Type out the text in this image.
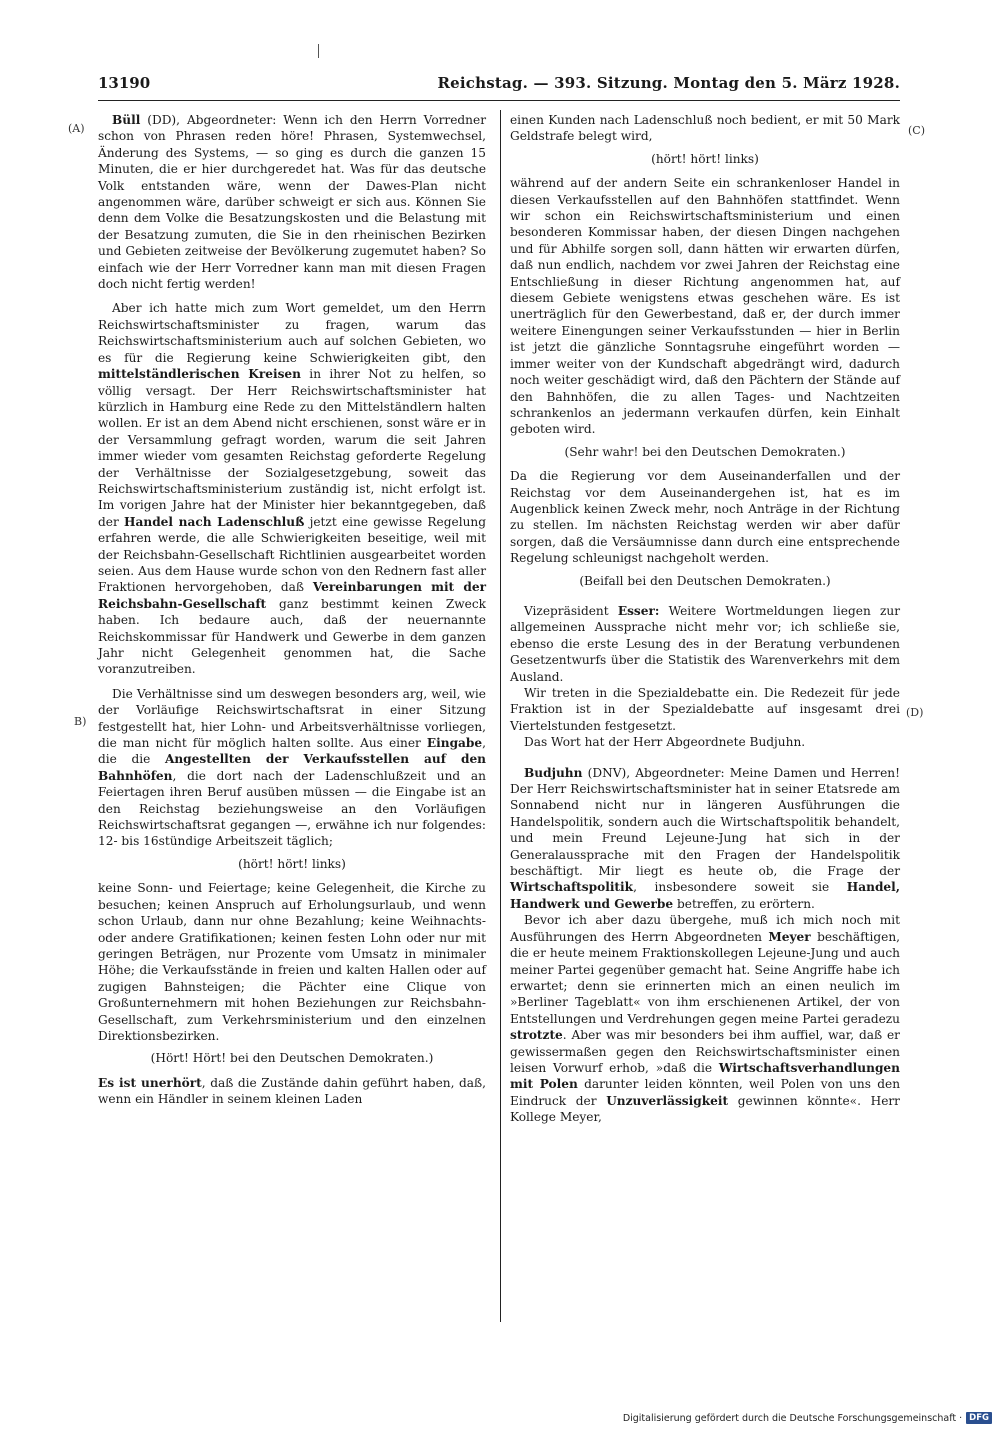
13190	Reichstag. — 393. Sitzung. Montag den 5. März 1928.
(A)
B)
(C)
(D)

Büll (DD), Abgeordneter: Wenn ich den Herrn Vorredner schon von Phrasen reden höre! Phrasen, Systemwechsel, Änderung des Systems, — so ging es durch die ganzen 15 Minuten, die er hier durchgeredet hat. Was für das deutsche Volk entstanden wäre, wenn der Dawes-Plan nicht angenommen wäre, darüber schweigt er sich aus. Können Sie denn dem Volke die Besatzungskosten und die Belastung mit der Besatzung zumuten, die Sie in den rheinischen Bezirken und Gebieten zeitweise der Bevölkerung zugemutet haben? So einfach wie der Herr Vorredner kann man mit diesen Fragen doch nicht fertig werden!

Aber ich hatte mich zum Wort gemeldet, um den Herrn Reichswirtschaftsminister zu fragen, warum das Reichswirtschaftsministerium auch auf solchen Gebieten, wo es für die Regierung keine Schwierigkeiten gibt, den mittelständlerischen Kreisen in ihrer Not zu helfen, so völlig versagt. Der Herr Reichswirtschaftsminister hat kürzlich in Hamburg eine Rede zu den Mittelständlern halten wollen. Er ist an dem Abend nicht erschienen, sonst wäre er in der Versammlung gefragt worden, warum die seit Jahren immer wieder vom gesamten Reichstag geforderte Regelung der Verhältnisse der Sozialgesetzgebung, soweit das Reichswirtschaftsministerium zuständig ist, nicht erfolgt ist. Im vorigen Jahre hat der Minister hier bekanntgegeben, daß der Handel nach Ladenschluß jetzt eine gewisse Regelung erfahren werde, die alle Schwierigkeiten beseitige, weil mit der Reichsbahn-Gesellschaft Richtlinien ausgearbeitet worden seien. Aus dem Hause wurde schon von den Rednern fast aller Fraktionen hervorgehoben, daß Vereinbarungen mit der Reichsbahn-Gesellschaft ganz bestimmt keinen Zweck haben. Ich bedaure auch, daß der neuernannte Reichskommissar für Handwerk und Gewerbe in dem ganzen Jahr nicht Gelegenheit genommen hat, die Sache voranzutreiben.

Die Verhältnisse sind um deswegen besonders arg, weil, wie der Vorläufige Reichswirtschaftsrat in einer Sitzung festgestellt hat, hier Lohn- und Arbeitsverhältnisse vorliegen, die man nicht für möglich halten sollte. Aus einer Eingabe, die die Angestellten der Verkaufsstellen auf den Bahnhöfen, die dort nach der Ladenschlußzeit und an Feiertagen ihren Beruf ausüben müssen — die Eingabe ist an den Reichstag beziehungsweise an den Vorläufigen Reichswirtschaftsrat gegangen —, erwähne ich nur folgendes: 12- bis 16stündige Arbeitszeit täglich;

(hört! hört! links)

keine Sonn- und Feiertage; keine Gelegenheit, die Kirche zu besuchen; keinen Anspruch auf Erholungsurlaub, und wenn schon Urlaub, dann nur ohne Bezahlung; keine Weihnachts- oder andere Gratifikationen; keinen festen Lohn oder nur mit geringen Beträgen, nur Prozente vom Umsatz in minimaler Höhe; die Verkaufsstände in freien und kalten Hallen oder auf zugigen Bahnsteigen; die Pächter eine Clique von Großunternehmern mit hohen Beziehungen zur Reichsbahn-Gesellschaft, zum Verkehrsministerium und den einzelnen Direktionsbezirken.

(Hört! Hört! bei den Deutschen Demokraten.)

Es ist unerhört, daß die Zustände dahin geführt haben, daß, wenn ein Händler in seinem kleinen Laden

einen Kunden nach Ladenschluß noch bedient, er mit 50 Mark Geldstrafe belegt wird,

(hört! hört! links)

während auf der andern Seite ein schrankenloser Handel in diesen Verkaufsstellen auf den Bahnhöfen stattfindet. Wenn wir schon ein Reichswirtschaftsministerium und einen besonderen Kommissar haben, der diesen Dingen nachgehen und für Abhilfe sorgen soll, dann hätten wir erwarten dürfen, daß nun endlich, nachdem vor zwei Jahren der Reichstag eine Entschließung in dieser Richtung angenommen hat, auf diesem Gebiete wenigstens etwas geschehen wäre. Es ist unerträglich für den Gewerbestand, daß er, der durch immer weitere Einengungen seiner Verkaufsstunden — hier in Berlin ist jetzt die gänzliche Sonntagsruhe eingeführt worden — immer weiter von der Kundschaft abgedrängt wird, dadurch noch weiter geschädigt wird, daß den Pächtern der Stände auf den Bahnhöfen, die zu allen Tages- und Nachtzeiten schrankenlos an jedermann verkaufen dürfen, kein Einhalt geboten wird.

(Sehr wahr! bei den Deutschen Demokraten.)

Da die Regierung vor dem Auseinanderfallen und der Reichstag vor dem Auseinandergehen ist, hat es im Augenblick keinen Zweck mehr, noch Anträge in der Richtung zu stellen. Im nächsten Reichstag werden wir aber dafür sorgen, daß die Versäumnisse dann durch eine entsprechende Regelung schleunigst nachgeholt werden.

(Beifall bei den Deutschen Demokraten.)

Vizepräsident Esser: Weitere Wortmeldungen liegen zur allgemeinen Aussprache nicht mehr vor; ich schließe sie, ebenso die erste Lesung des in der Beratung verbundenen Gesetzentwurfs über die Statistik des Warenverkehrs mit dem Ausland.

Wir treten in die Spezialdebatte ein. Die Redezeit für jede Fraktion ist in der Spezialdebatte auf insgesamt drei Viertelstunden festgesetzt.

Das Wort hat der Herr Abgeordnete Budjuhn.

Budjuhn (DNV), Abgeordneter: Meine Damen und Herren! Der Herr Reichswirtschaftsminister hat in seiner Etatsrede am Sonnabend nicht nur in längeren Ausführungen die Handelspolitik, sondern auch die Wirtschaftspolitik behandelt, und mein Freund Lejeune-Jung hat sich in der Generalaussprache mit den Fragen der Handelspolitik beschäftigt. Mir liegt es heute ob, die Frage der Wirtschaftspolitik, insbesondere soweit sie Handel, Handwerk und Gewerbe betreffen, zu erörtern.

Bevor ich aber dazu übergehe, muß ich mich noch mit Ausführungen des Herrn Abgeordneten Meyer beschäftigen, die er heute meinem Fraktionskollegen Lejeune-Jung und auch meiner Partei gegenüber gemacht hat. Seine Angriffe habe ich erwartet; denn sie erinnerten mich an einen neulich im »Berliner Tageblatt« von ihm erschienenen Artikel, der von Entstellungen und Verdrehungen gegen meine Partei geradezu strotzte. Aber was mir besonders bei ihm auffiel, war, daß er gewissermaßen gegen den Reichswirtschaftsminister einen leisen Vorwurf erhob, »daß die Wirtschaftsverhandlungen mit Polen darunter leiden könnten, weil Polen von uns den Eindruck der Unzuverlässigkeit gewinnen könnte«. Herr Kollege Meyer,

Digitalisierung gefördert durch die Deutsche Forschungsgemeinschaft · DFG
